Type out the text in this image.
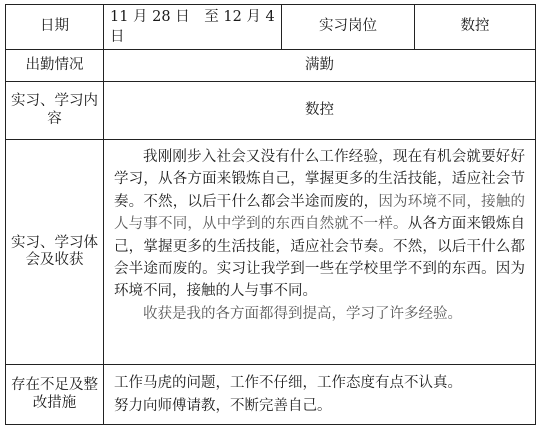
日期	11 月 28 日　至 12 月 4 日	实习岗位	数控
出勤情况	满勤		
实习、学习内容	数控		
实习、学习体会及收获	我刚刚步入社会又没有什么工作经验，现在有机会就要好好学习，从各方面来锻炼自己，掌握更多的生活技能，适应社会节奏。不然，以后干什么都会半途而废的，因为环境不同，接触的人与事不同，从中学到的东西自然就不一样。从各方面来锻炼自己，掌握更多的生活技能，适应社会节奏。不然，以后干什么都会半途而废的。实习让我学到一些在学校里学不到的东西。因为环境不同，接触的人与事不同。

收获是我的各方面都得到提高，学习了许多经验。		

存在不足及整改措施	工作马虎的问题，工作不仔细，工作态度有点不认真。

努力向师傅请教，不断完善自己。		
